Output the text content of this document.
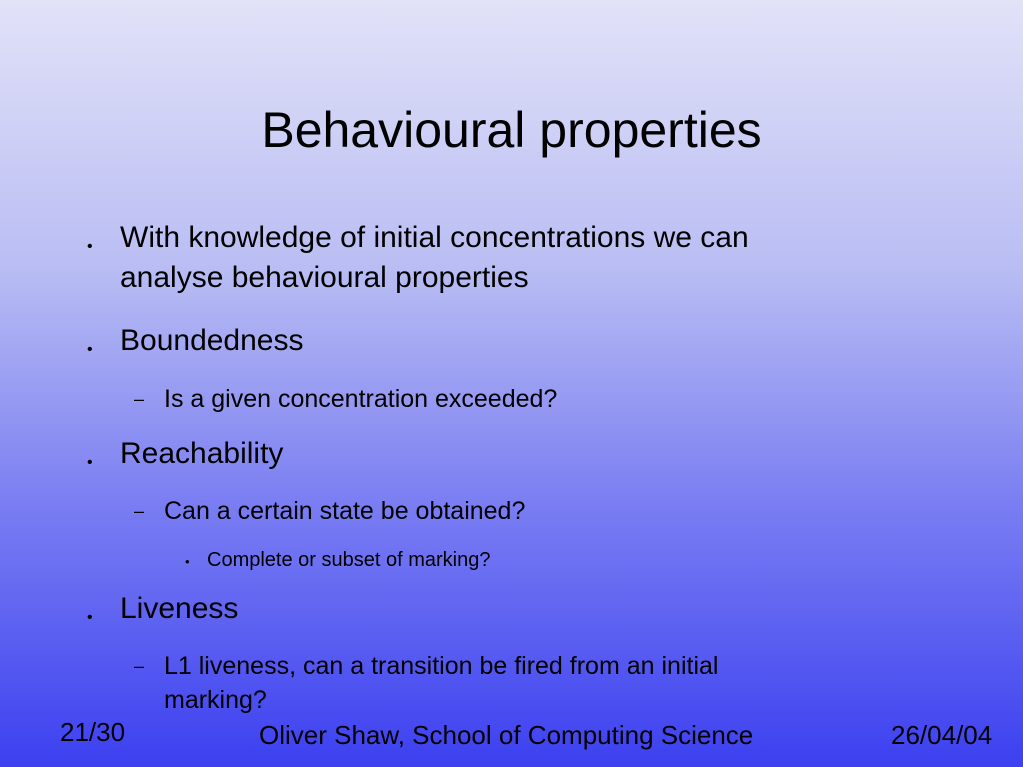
Behavioural properties
• With knowledge of initial concentrations we can
analyse behavioural properties
• Boundedness
– Is a given concentration exceeded?
• Reachability
– Can a certain state be obtained?
• Complete or subset of marking?
• Liveness
– L1 liveness, can a transition be fired from an initial
marking?
21/30	Oliver Shaw, School of Computing Science	26/04/04
